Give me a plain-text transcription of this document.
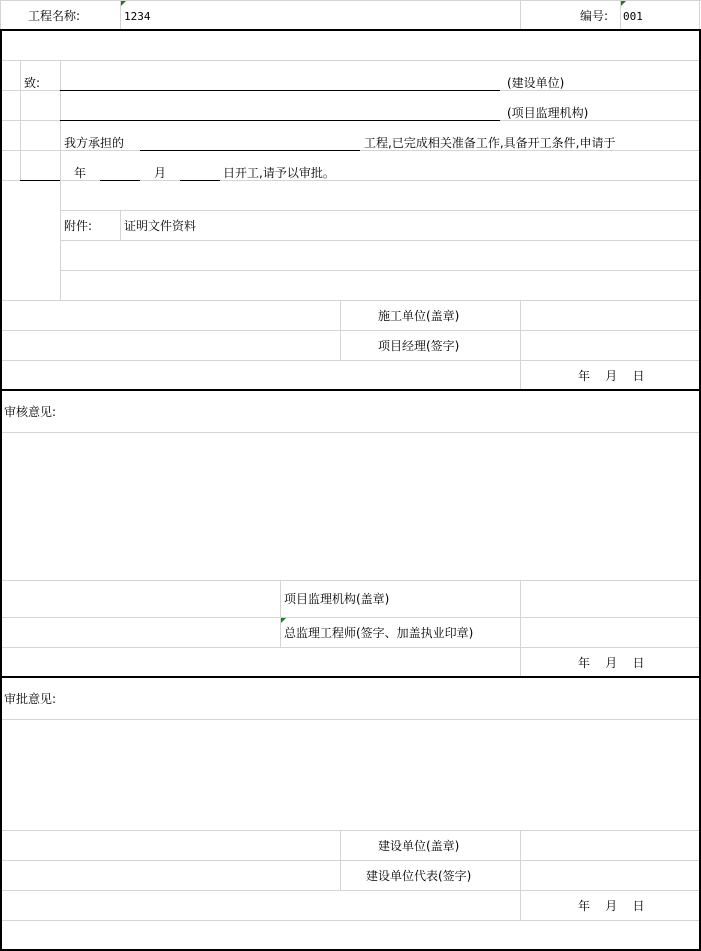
工程名称:	1234	编号: 001
致:	(建设单位)
(项目监理机构)
我方承担的	工程,已完成相关准备工作,具备开工条件,申请于
年	月	日开工,请予以审批。
附件:	证明文件资料
施工单位(盖章)
项目经理(签字)
年    月    日
审核意见:
项目监理机构(盖章)
总监理工程师(签字、加盖执业印章)
年    月    日
审批意见:
建设单位(盖章)
建设单位代表(签字)
年    月    日
